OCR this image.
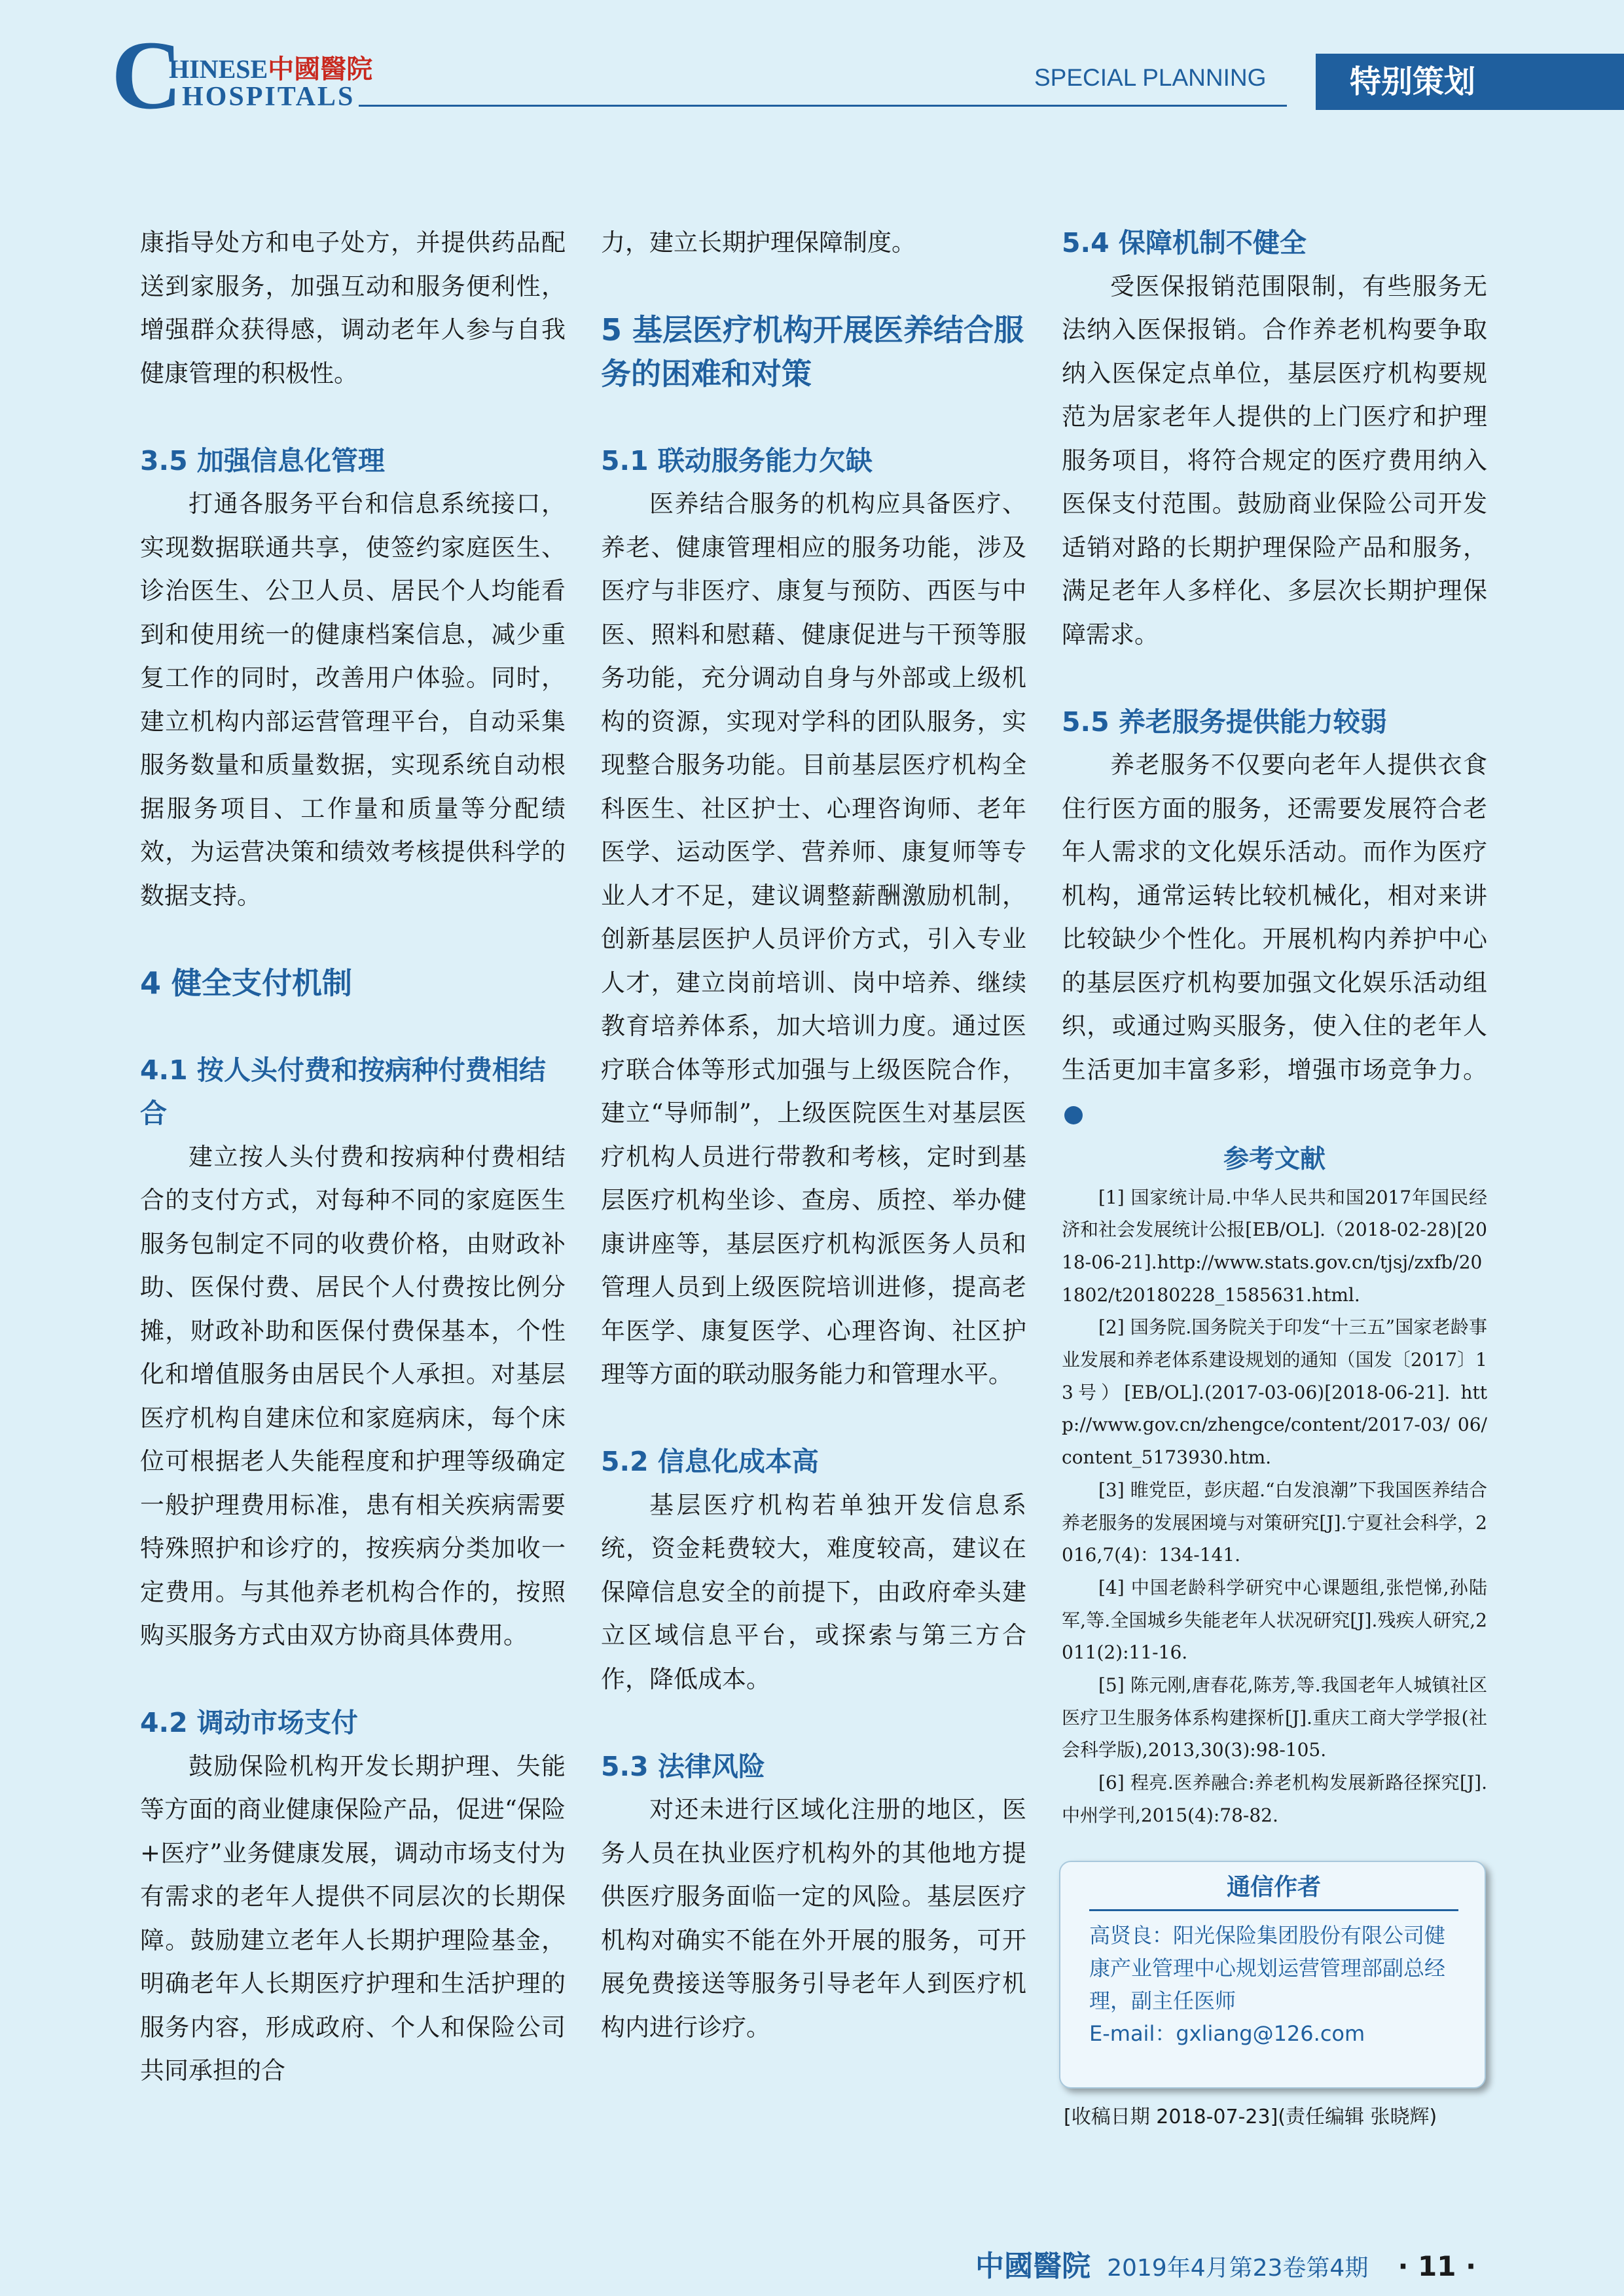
C
HINESE中國醫院
HOSPITALS
SPECIAL PLANNING	特别策划

康指导处方和电子处方，并提供药品配送到家服务，加强互动和服务便利性，增强群众获得感，调动老年人参与自我健康管理的积极性。

3.5 加强信息化管理

打通各服务平台和信息系统接口，实现数据联通共享，使签约家庭医生、诊治医生、公卫人员、居民个人均能看到和使用统一的健康档案信息，减少重复工作的同时，改善用户体验。同时，建立机构内部运营管理平台，自动采集服务数量和质量数据，实现系统自动根据服务项目、工作量和质量等分配绩效，为运营决策和绩效考核提供科学的数据支持。

4 健全支付机制
4.1 按人头付费和按病种付费相结合

建立按人头付费和按病种付费相结合的支付方式，对每种不同的家庭医生服务包制定不同的收费价格，由财政补助、医保付费、居民个人付费按比例分摊，财政补助和医保付费保基本，个性化和增值服务由居民个人承担。对基层医疗机构自建床位和家庭病床，每个床位可根据老人失能程度和护理等级确定一般护理费用标准，患有相关疾病需要特殊照护和诊疗的，按疾病分类加收一定费用。与其他养老机构合作的，按照购买服务方式由双方协商具体费用。

4.2 调动市场支付

鼓励保险机构开发长期护理、失能等方面的商业健康保险产品，促进“保险+医疗”业务健康发展，调动市场支付为有需求的老年人提供不同层次的长期保障。鼓励建立老年人长期护理险基金，明确老年人长期医疗护理和生活护理的服务内容，形成政府、个人和保险公司共同承担的合

力，建立长期护理保障制度。

5 基层医疗机构开展医养结合服务的困难和对策
5.1 联动服务能力欠缺

医养结合服务的机构应具备医疗、养老、健康管理相应的服务功能，涉及医疗与非医疗、康复与预防、西医与中医、照料和慰藉、健康促进与干预等服务功能，充分调动自身与外部或上级机构的资源，实现对学科的团队服务，实现整合服务功能。目前基层医疗机构全科医生、社区护士、心理咨询师、老年医学、运动医学、营养师、康复师等专业人才不足，建议调整薪酬激励机制，创新基层医护人员评价方式，引入专业人才，建立岗前培训、岗中培养、继续教育培养体系，加大培训力度。通过医疗联合体等形式加强与上级医院合作，建立“导师制”，上级医院医生对基层医疗机构人员进行带教和考核，定时到基层医疗机构坐诊、查房、质控、举办健康讲座等，基层医疗机构派医务人员和管理人员到上级医院培训进修，提高老年医学、康复医学、心理咨询、社区护理等方面的联动服务能力和管理水平。

5.2 信息化成本高

基层医疗机构若单独开发信息系统，资金耗费较大，难度较高，建议在保障信息安全的前提下，由政府牵头建立区域信息平台，或探索与第三方合作，降低成本。

5.3 法律风险

对还未进行区域化注册的地区，医务人员在执业医疗机构外的其他地方提供医疗服务面临一定的风险。基层医疗机构对确实不能在外开展的服务，可开展免费接送等服务引导老年人到医疗机构内进行诊疗。

5.4 保障机制不健全

受医保报销范围限制，有些服务无法纳入医保报销。合作养老机构要争取纳入医保定点单位，基层医疗机构要规范为居家老年人提供的上门医疗和护理服务项目，将符合规定的医疗费用纳入医保支付范围。鼓励商业保险公司开发适销对路的长期护理保险产品和服务，满足老年人多样化、多层次长期护理保障需求。

5.5 养老服务提供能力较弱

养老服务不仅要向老年人提供衣食住行医方面的服务，还需要发展符合老年人需求的文化娱乐活动。而作为医疗机构，通常运转比较机械化，相对来讲比较缺少个性化。开展机构内养护中心的基层医疗机构要加强文化娱乐活动组织，或通过购买服务，使入住的老年人生活更加丰富多彩，增强市场竞争力。

参考文献
[1] 国家统计局.中华人民共和国2017年国民经济和社会发展统计公报[EB/OL].（2018-02-28)[2018-06-21].http://www.stats.gov.cn/tjsj/zxfb/201802/t20180228_1585631.html.
[2] 国务院.国务院关于印发“十三五”国家老龄事业发展和养老体系建设规划的通知（国发〔2017〕13号）[EB/OL].(2017-03-06)[2018-06-21]. http://www.gov.cn/zhengce/content/2017-03/ 06/content_5173930.htm.
[3] 睢党臣，彭庆超.“白发浪潮”下我国医养结合养老服务的发展困境与对策研究[J].宁夏社会科学，2016,7(4)：134-141.
[4] 中国老龄科学研究中心课题组,张恺悌,孙陆军,等.全国城乡失能老年人状况研究[J].残疾人研究,2011(2):11-16.
[5] 陈元刚,唐春花,陈芳,等.我国老年人城镇社区医疗卫生服务体系构建探析[J].重庆工商大学学报(社会科学版),2013,30(3):98-105.
[6] 程亮.医养融合:养老机构发展新路径探究[J].中州学刊,2015(4):78-82.
通信作者
高贤良：阳光保险集团股份有限公司健康产业管理中心规划运营管理部副总经理，副主任医师
E-mail：gxliang@126.com
[收稿日期 2018-07-23](责任编辑 张晓辉)
中國醫院 2019年4月第23卷第4期 · 11 ·
